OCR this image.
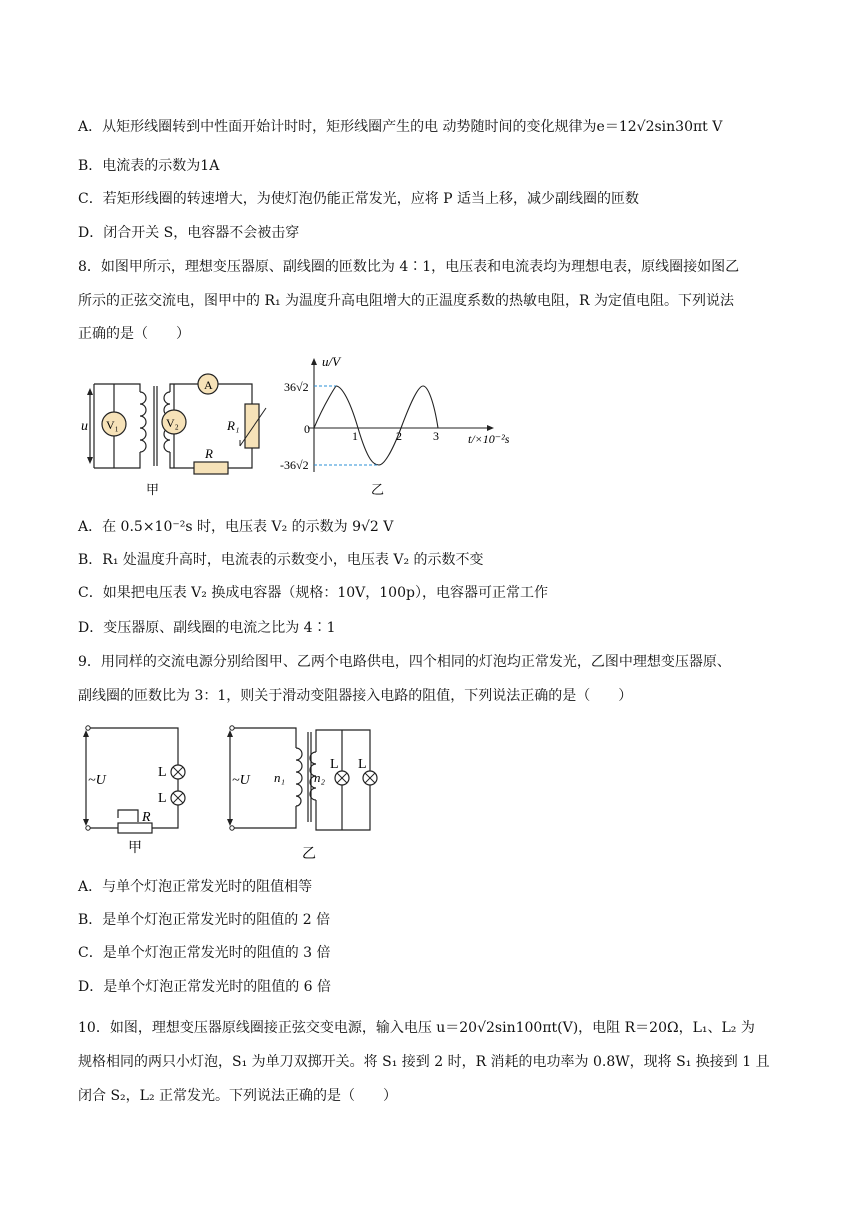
A．从矩形线圈转到中性面开始计时时，矩形线圈产生的电 动势随时间的变化规律为e＝12√2sin30πt V
B．电流表的示数为1A
C．若矩形线圈的转速增大，为使灯泡仍能正常发光，应将 P 适当上移，减少副线圈的匝数
D．闭合开关 S，电容器不会被击穿
8．如图甲所示，理想变压器原、副线圈的匝数比为 4∶1，电压表和电流表均为理想电表，原线圈接如图乙
所示的正弦交流电，图甲中的 R₁ 为温度升高电阻增大的正温度系数的热敏电阻，R 为定值电阻。下列说法
正确的是（　　）
u V₁	V₂
A
R₁
R
甲
u/V
36√2
-36√2
0	1	2	3 t/×10⁻²s
乙
A．在 0.5×10⁻²s 时，电压表 V₂ 的示数为 9√2 V
B．R₁ 处温度升高时，电流表的示数变小，电压表 V₂ 的示数不变
C．如果把电压表 V₂ 换成电容器（规格：10V，100p），电容器可正常工作
D．变压器原、副线圈的电流之比为 4∶1
9．用同样的交流电源分别给图甲、乙两个电路供电，四个相同的灯泡均正常发光，乙图中理想变压器原、
副线圈的匝数比为 3：1，则关于滑动变阻器接入电路的阻值，下列说法正确的是（　　）
~U
L
L
R
甲
~U n₁ n₂
L L
乙
A．与单个灯泡正常发光时的阻值相等
B．是单个灯泡正常发光时的阻值的 2 倍
C．是单个灯泡正常发光时的阻值的 3 倍
D．是单个灯泡正常发光时的阻值的 6 倍
10．如图，理想变压器原线圈接正弦交变电源，输入电压 u＝20√2sin100πt(V)，电阻 R＝20Ω，L₁、L₂ 为
规格相同的两只小灯泡，S₁ 为单刀双掷开关。将 S₁ 接到 2 时，R 消耗的电功率为 0.8W，现将 S₁ 换接到 1 且
闭合 S₂，L₂ 正常发光。下列说法正确的是（　　）
